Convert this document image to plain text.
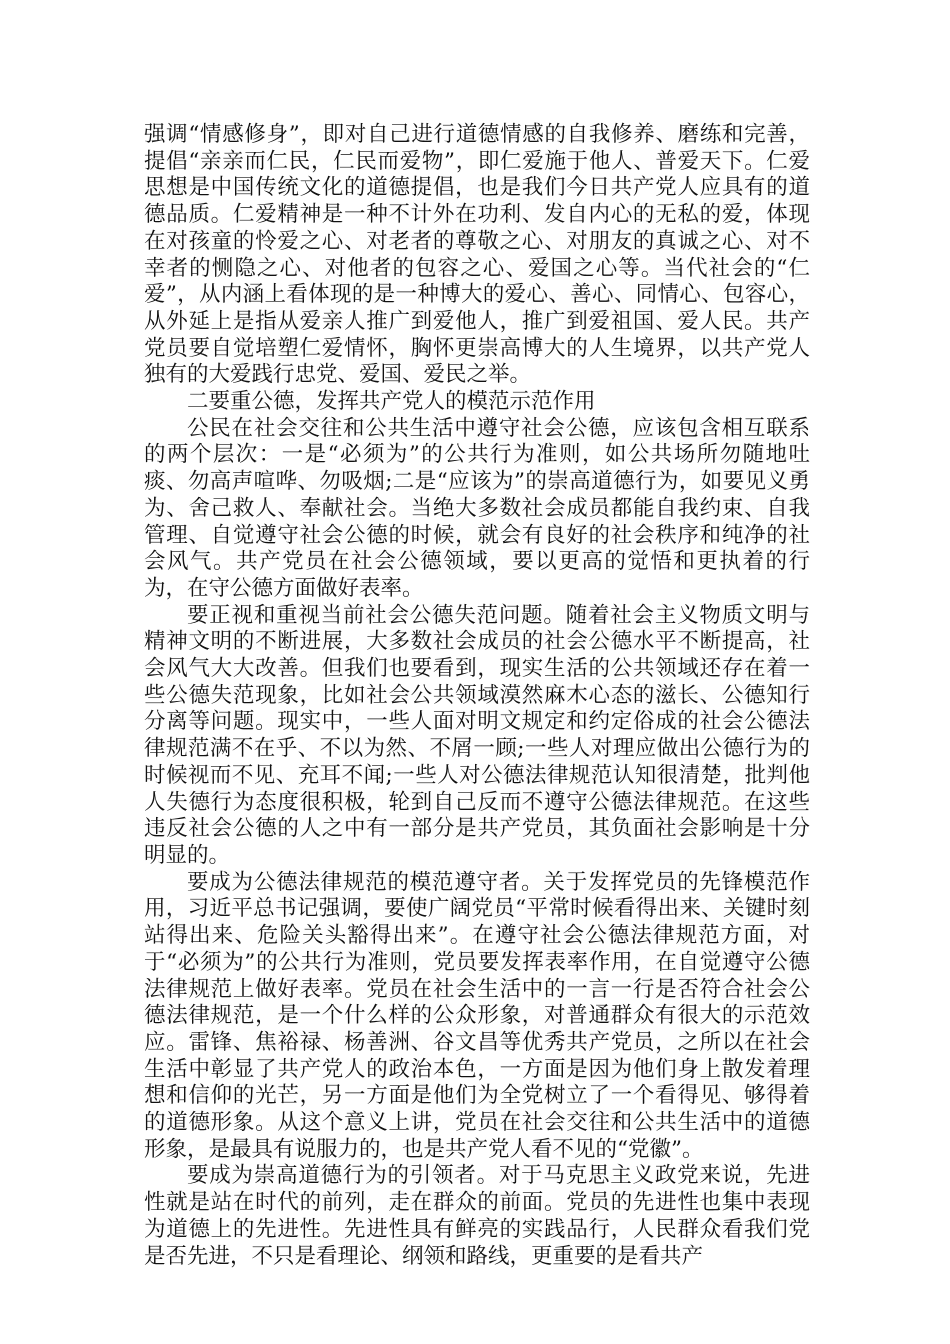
强调“情感修身”，即对自己进行道德情感的自我修养、磨练和完善，提倡“亲亲而仁民，仁民而爱物”，即仁爱施于他人、普爱天下。仁爱思想是中国传统文化的道德提倡，也是我们今日共产党人应具有的道德品质。仁爱精神是一种不计外在功利、发自内心的无私的爱，体现在对孩童的怜爱之心、对老者的尊敬之心、对朋友的真诚之心、对不幸者的恻隐之心、对他者的包容之心、爱国之心等。当代社会的“仁爱”，从内涵上看体现的是一种博大的爱心、善心、同情心、包容心，从外延上是指从爱亲人推广到爱他人，推广到爱祖国、爱人民。共产党员要自觉培塑仁爱情怀，胸怀更崇高博大的人生境界，以共产党人独有的大爱践行忠党、爱国、爱民之举。

二要重公德，发挥共产党人的模范示范作用

公民在社会交往和公共生活中遵守社会公德，应该包含相互联系的两个层次：一是“必须为”的公共行为准则，如公共场所勿随地吐痰、勿高声喧哗、勿吸烟;二是“应该为”的崇高道德行为，如要见义勇为、舍己救人、奉献社会。当绝大多数社会成员都能自我约束、自我管理、自觉遵守社会公德的时候，就会有良好的社会秩序和纯净的社会风气。共产党员在社会公德领域，要以更高的觉悟和更执着的行为，在守公德方面做好表率。

要正视和重视当前社会公德失范问题。随着社会主义物质文明与精神文明的不断进展，大多数社会成员的社会公德水平不断提高，社会风气大大改善。但我们也要看到，现实生活的公共领域还存在着一些公德失范现象，比如社会公共领域漠然麻木心态的滋长、公德知行分离等问题。现实中，一些人面对明文规定和约定俗成的社会公德法律规范满不在乎、不以为然、不屑一顾;一些人对理应做出公德行为的时候视而不见、充耳不闻;一些人对公德法律规范认知很清楚，批判他人失德行为态度很积极，轮到自己反而不遵守公德法律规范。在这些违反社会公德的人之中有一部分是共产党员，其负面社会影响是十分明显的。

要成为公德法律规范的模范遵守者。关于发挥党员的先锋模范作用，习近平总书记强调，要使广阔党员“平常时候看得出来、关键时刻站得出来、危险关头豁得出来”。在遵守社会公德法律规范方面，对于“必须为”的公共行为准则，党员要发挥表率作用，在自觉遵守公德法律规范上做好表率。党员在社会生活中的一言一行是否符合社会公德法律规范，是一个什么样的公众形象，对普通群众有很大的示范效应。雷锋、焦裕禄、杨善洲、谷文昌等优秀共产党员，之所以在社会生活中彰显了共产党人的政治本色，一方面是因为他们身上散发着理想和信仰的光芒，另一方面是他们为全党树立了一个看得见、够得着的道德形象。从这个意义上讲，党员在社会交往和公共生活中的道德形象，是最具有说服力的，也是共产党人看不见的“党徽”。

要成为崇高道德行为的引领者。对于马克思主义政党来说，先进性就是站在时代的前列，走在群众的前面。党员的先进性也集中表现为道德上的先进性。先进性具有鲜亮的实践品行，人民群众看我们党是否先进，不只是看理论、纲领和路线，更重要的是看共产
